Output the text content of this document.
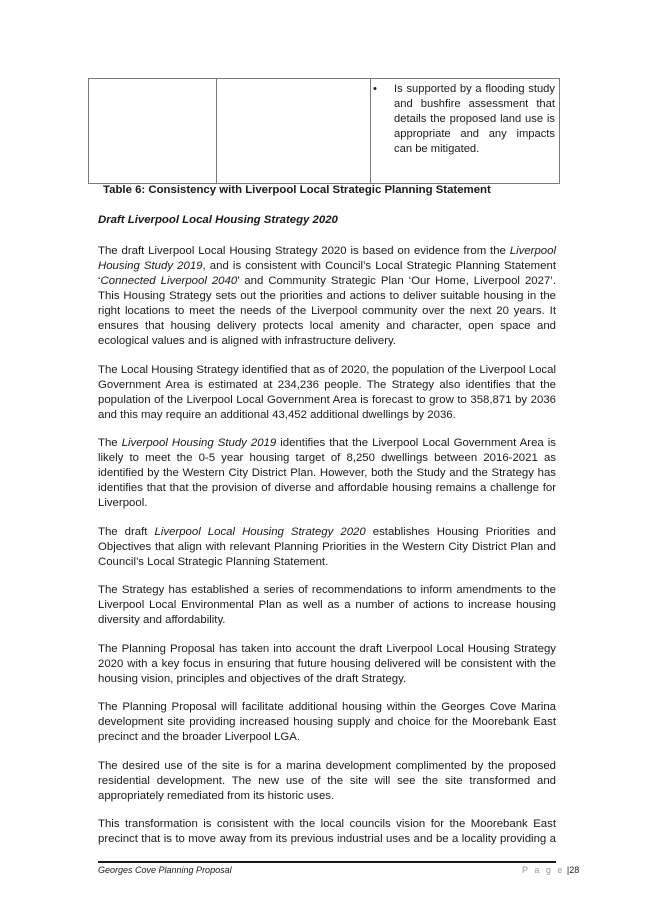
• Is supported by a flooding study and bushfire assessment that details the proposed land use is appropriate and any impacts can be mitigated.
Table 6: Consistency with Liverpool Local Strategic Planning Statement
Draft Liverpool Local Housing Strategy 2020

The draft Liverpool Local Housing Strategy 2020 is based on evidence from the Liverpool Housing Study 2019, and is consistent with Council’s Local Strategic Planning Statement ‘Connected Liverpool 2040’ and Community Strategic Plan ‘Our Home, Liverpool 2027’. This Housing Strategy sets out the priorities and actions to deliver suitable housing in the right locations to meet the needs of the Liverpool community over the next 20 years. It ensures that housing delivery protects local amenity and character, open space and ecological values and is aligned with infrastructure delivery.

The Local Housing Strategy identified that as of 2020, the population of the Liverpool Local Government Area is estimated at 234,236 people. The Strategy also identifies that the population of the Liverpool Local Government Area is forecast to grow to 358,871 by 2036 and this may require an additional 43,452 additional dwellings by 2036.

The Liverpool Housing Study 2019 identifies that the Liverpool Local Government Area is likely to meet the 0-5 year housing target of 8,250 dwellings between 2016-2021 as identified by the Western City District Plan. However, both the Study and the Strategy has identifies that that the provision of diverse and affordable housing remains a challenge for Liverpool.

The draft Liverpool Local Housing Strategy 2020 establishes Housing Priorities and Objectives that align with relevant Planning Priorities in the Western City District Plan and Council’s Local Strategic Planning Statement.

The Strategy has established a series of recommendations to inform amendments to the Liverpool Local Environmental Plan as well as a number of actions to increase housing diversity and affordability.

The Planning Proposal has taken into account the draft Liverpool Local Housing Strategy 2020 with a key focus in ensuring that future housing delivered will be consistent with the housing vision, principles and objectives of the draft Strategy.

The Planning Proposal will facilitate additional housing within the Georges Cove Marina development site providing increased housing supply and choice for the Moorebank East precinct and the broader Liverpool LGA.

The desired use of the site is for a marina development complimented by the proposed residential development. The new use of the site will see the site transformed and appropriately remediated from its historic uses.

This transformation is consistent with the local councils vision for the Moorebank East precinct that is to move away from its previous industrial uses and be a locality providing a

Georges Cove Planning Proposal	P a g e |28
